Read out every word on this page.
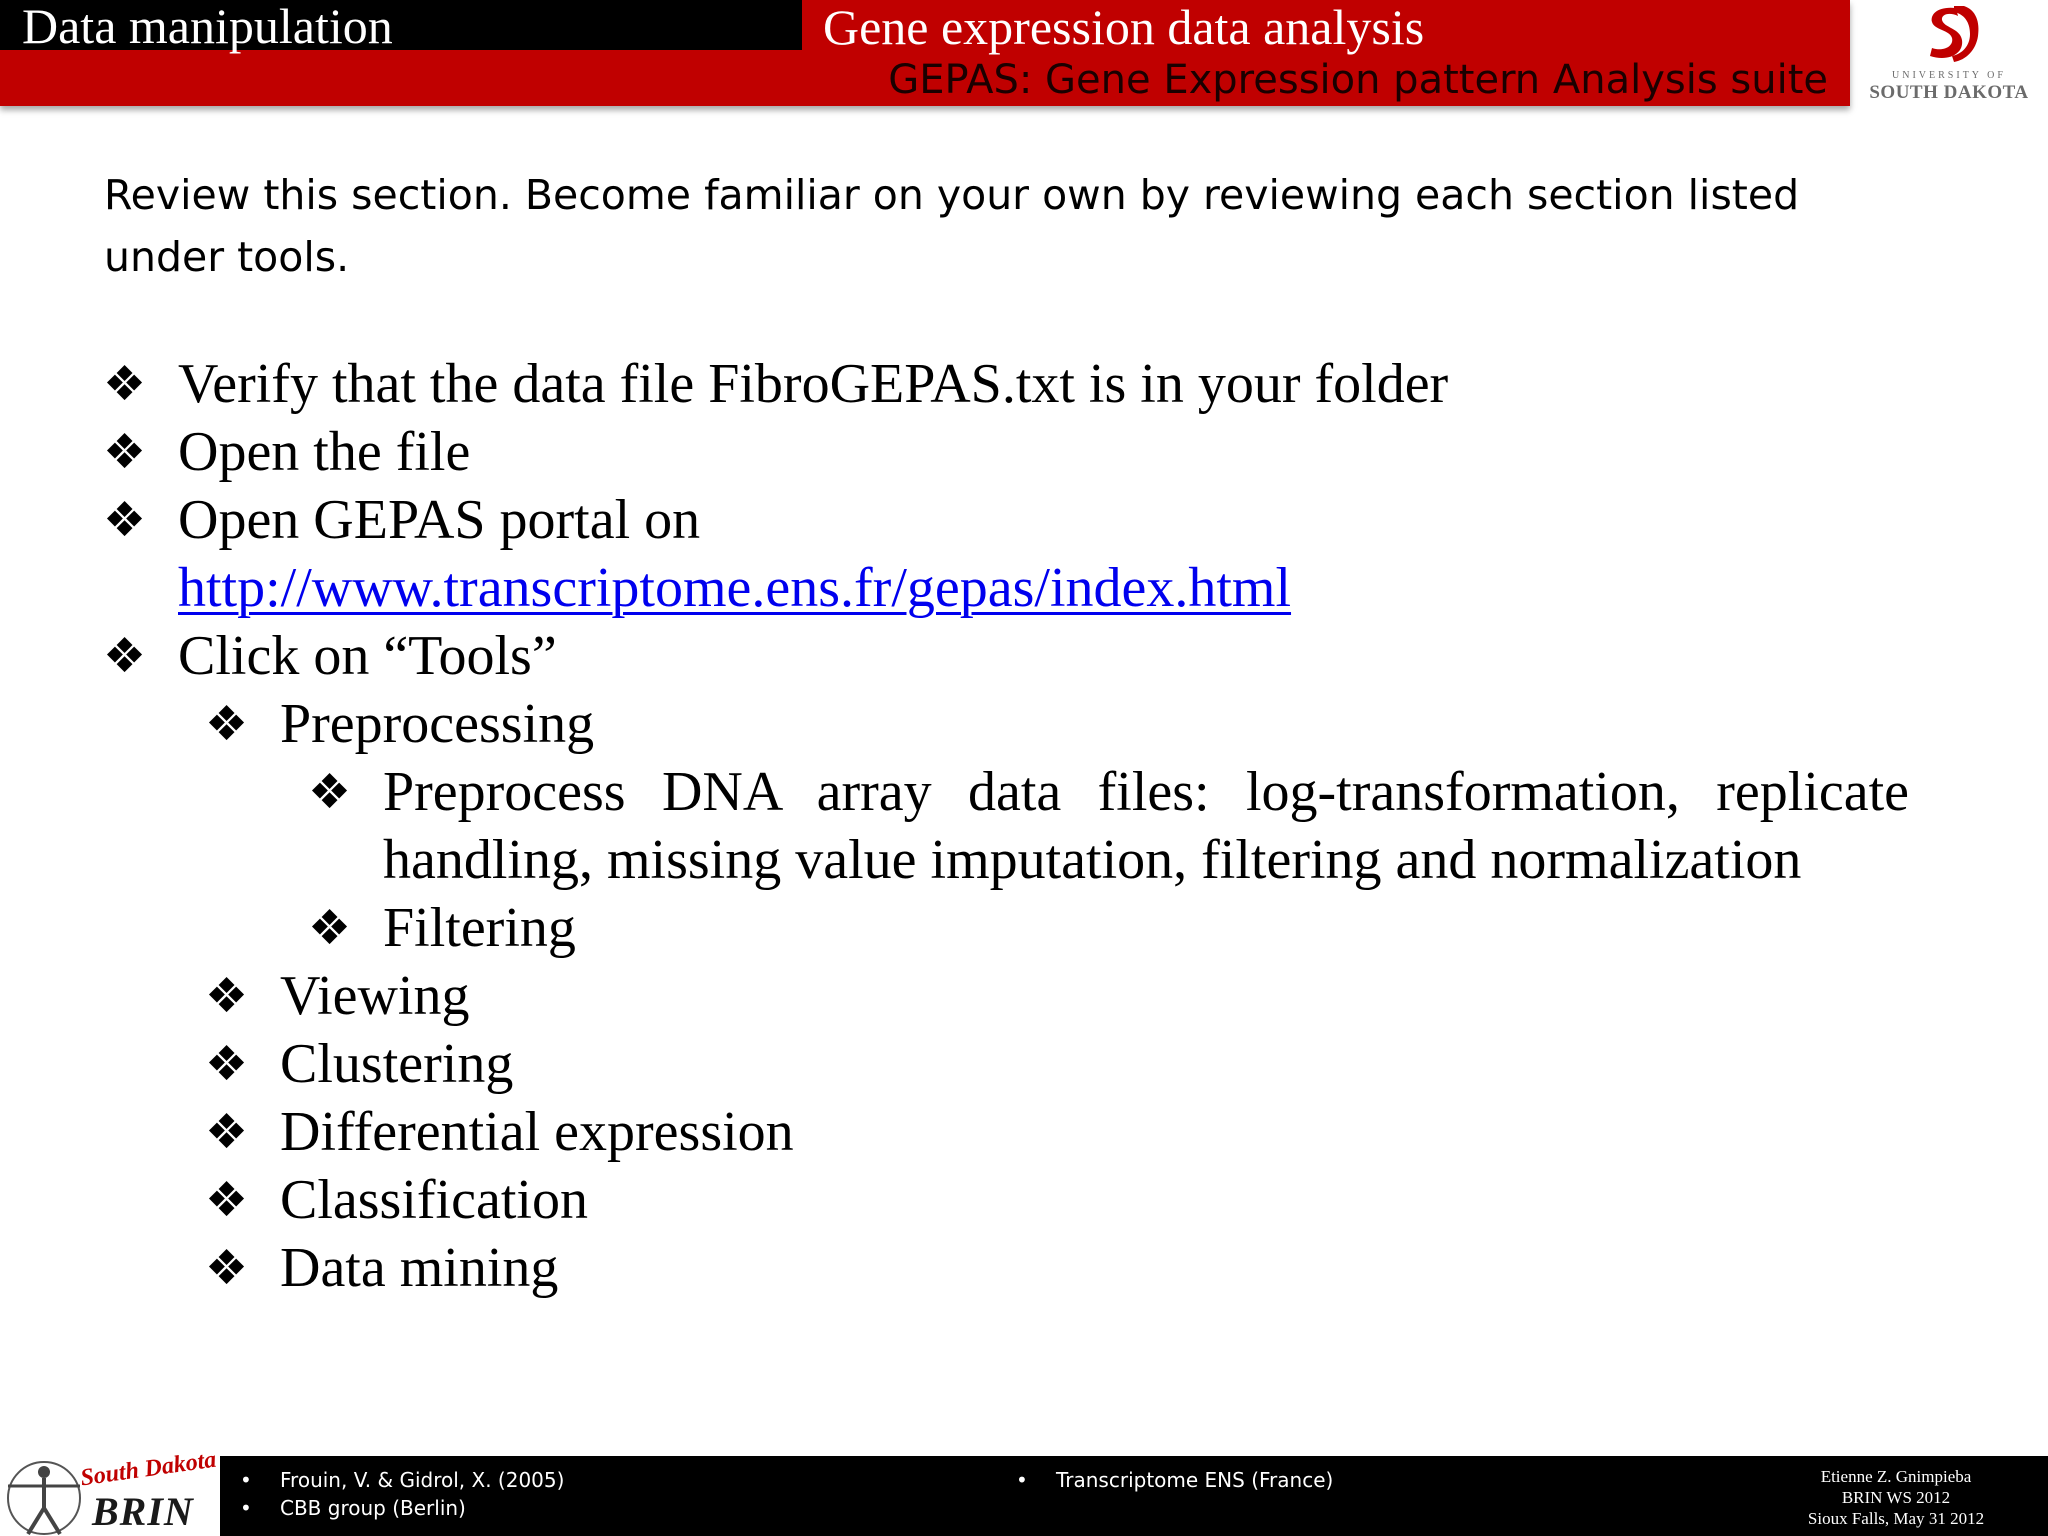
Data manipulation	Gene expression data analysis
GEPAS: Gene Expression pattern Analysis suite	UNIVERSITY OF
SOUTH DAKOTA
Review this section. Become familiar on your own by reviewing each section listed under tools.
❖ Verify that the data file FibroGEPAS.txt is in your folder
❖ Open the file
❖ Open GEPAS portal on
http://www.transcriptome.ens.fr/gepas/index.html
❖ Click on “Tools”
❖ Preprocessing
❖ Preprocess DNA array data files: log-transformation, replicate handling, missing value imputation, filtering and normalization
❖ Filtering
❖ Viewing
❖ Clustering
❖ Differential expression
❖ Classification
❖ Data mining
South Dakota
BRIN
• Frouin, V. & Gidrol, X. (2005)
• CBB group (Berlin)
• Transcriptome ENS (France)	Etienne Z. Gnimpieba
BRIN WS 2012
Sioux Falls, May 31 2012
